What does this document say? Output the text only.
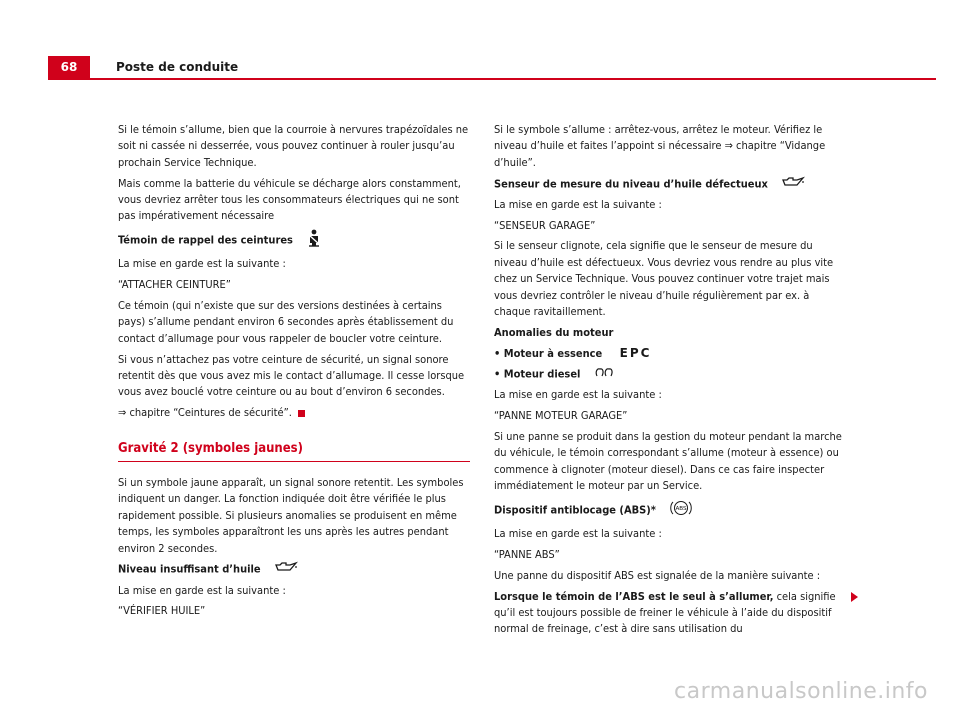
68	Poste de conduite

Si le témoin s’allume, bien que la courroie à nervures trapézoïdales ne soit ni cassée ni desserrée, vous pouvez continuer à rouler jusqu’au prochain Service Technique.

Mais comme la batterie du véhicule se décharge alors constamment, vous devriez arrêter tous les consommateurs électriques qui ne sont pas impérativement nécessaire

Témoin de rappel des ceintures

La mise en garde est la suivante :

“ATTACHER CEINTURE”

Ce témoin (qui n’existe que sur des versions destinées à certains pays) s’allume pendant environ 6 secondes après établissement du contact d’allumage pour vous rappeler de boucler votre ceinture.

Si vous n’attachez pas votre ceinture de sécurité, un signal sonore retentit dès que vous avez mis le contact d’allumage. Il cesse lorsque vous avez bouclé votre ceinture ou au bout d’environ 6 secondes.

⇒ chapitre “Ceintures de sécurité”.

Gravité 2 (symboles jaunes)

Si un symbole jaune apparaît, un signal sonore retentit. Les symboles indiquent un danger. La fonction indiquée doit être vérifiée le plus rapidement possible. Si plusieurs anomalies se produisent en même temps, les symboles apparaîtront les uns après les autres pendant environ 2 secondes.

Niveau insuffisant d’huile

La mise en garde est la suivante :

“VÉRIFIER HUILE”

Si le symbole s’allume : arrêtez-vous, arrêtez le moteur. Vérifiez le niveau d’huile et faites l’appoint si nécessaire ⇒ chapitre “Vidange d’huile”.

Senseur de mesure du niveau d’huile défectueux

La mise en garde est la suivante :

“SENSEUR GARAGE”

Si le senseur clignote, cela signifie que le senseur de mesure du niveau d’huile est défectueux. Vous devriez vous rendre au plus vite chez un Service Technique. Vous pouvez continuer votre trajet mais vous devriez contrôler le niveau d’huile régulièrement par ex. à chaque ravitaillement.

Anomalies du moteur

• Moteur à essence EPC

• Moteur diesel

La mise en garde est la suivante :

“PANNE MOTEUR GARAGE”

Si une panne se produit dans la gestion du moteur pendant la marche du véhicule, le témoin correspondant s’allume (moteur à essence) ou commence à clignoter (moteur diesel). Dans ce cas faire inspecter immédiatement le moteur par un Service.

Dispositif antiblocage (ABS)*	ABS

La mise en garde est la suivante :

“PANNE ABS”

Une panne du dispositif ABS est signalée de la manière suivante :

Lorsque le témoin de l’ABS est le seul à s’allumer, cela signifie qu’il est toujours possible de freiner le véhicule à l’aide du dispositif normal de freinage, c’est à dire sans utilisation du

carmanualsonline.info
